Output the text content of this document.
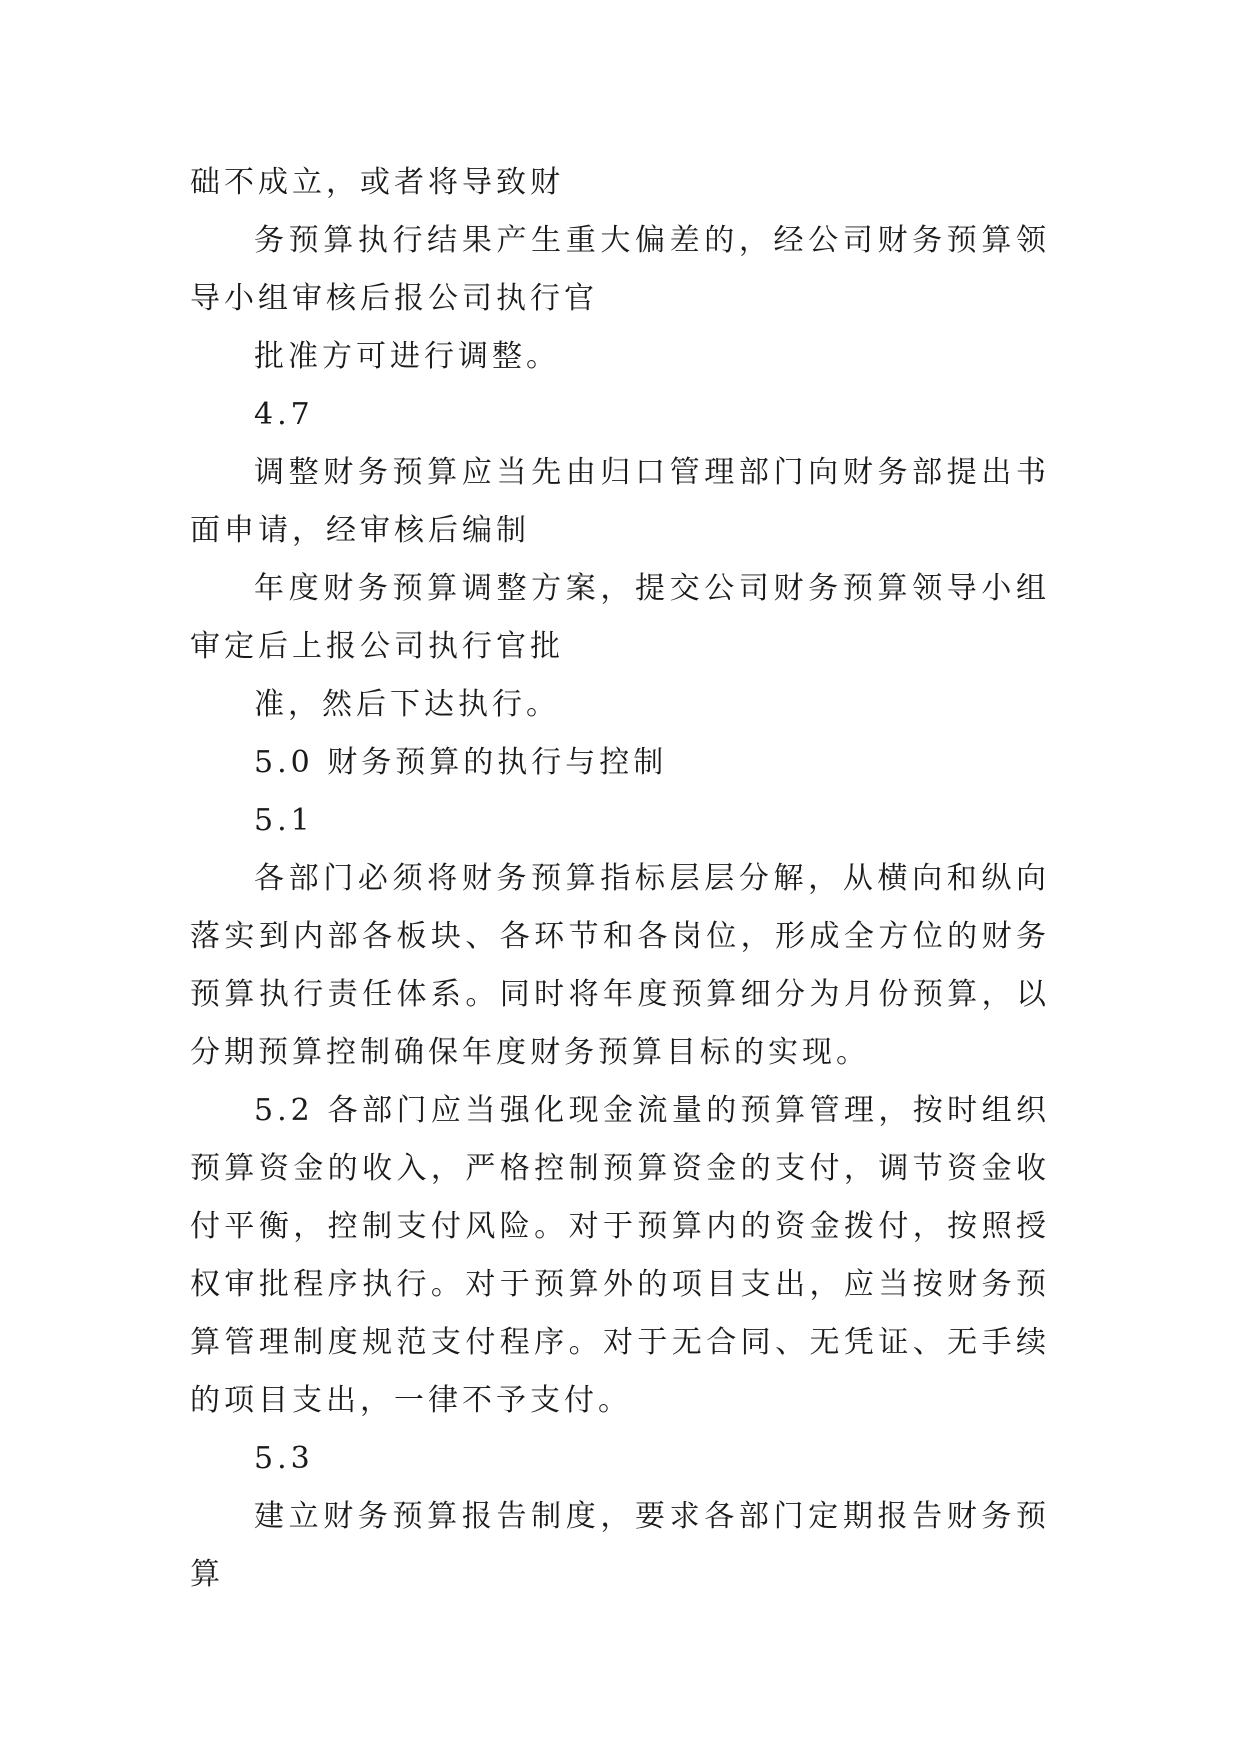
础不成立，或者将导致财

务预算执行结果产生重大偏差的，经公司财务预算领导小组审核后报公司执行官

批准方可进行调整。

4.7

调整财务预算应当先由归口管理部门向财务部提出书面申请，经审核后编制

年度财务预算调整方案，提交公司财务预算领导小组审定后上报公司执行官批

准，然后下达执行。

5.0 财务预算的执行与控制

5.1

各部门必须将财务预算指标层层分解，从横向和纵向落实到内部各板块、各环节和各岗位，形成全方位的财务预算执行责任体系。同时将年度预算细分为月份预算，以分期预算控制确保年度财务预算目标的实现。

5.2 各部门应当强化现金流量的预算管理，按时组织预算资金的收入，严格控制预算资金的支付，调节资金收付平衡，控制支付风险。对于预算内的资金拨付，按照授权审批程序执行。对于预算外的项目支出，应当按财务预算管理制度规范支付程序。对于无合同、无凭证、无手续的项目支出，一律不予支付。

5.3

建立财务预算报告制度，要求各部门定期报告财务预算
